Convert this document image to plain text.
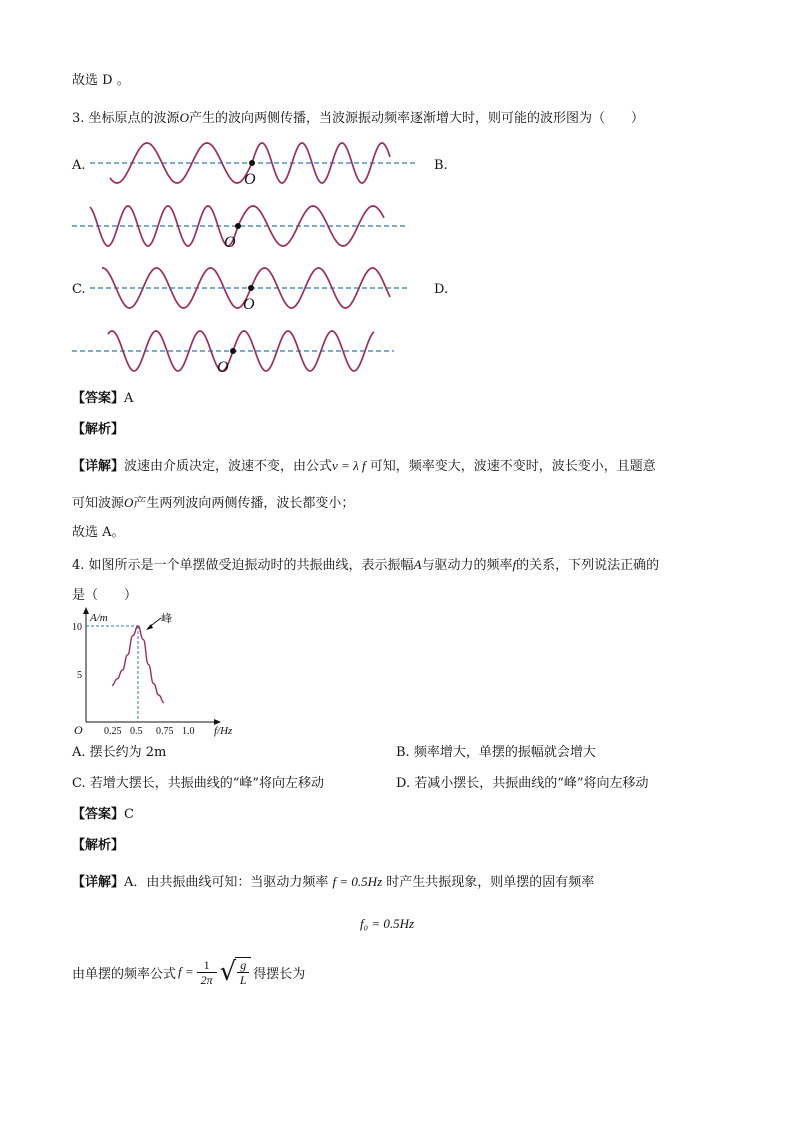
故选 D 。
3. 坐标原点的波源O产生的波向两侧传播，当波源振动频率逐渐增大时，则可能的波形图为（　　）
A.	B.
C.	D.
O
O
O
O
【答案】A
【解析】
【详解】波速由介质决定，波速不变，由公式v = λ f 可知，频率变大，波速不变时，波长变小，且题意
可知波源O产生两列波向两侧传播，波长都变小；
故选 A。
4. 如图所示是一个单摆做受迫振动时的共振曲线，表示振幅A与驱动力的频率f的关系，下列说法正确的
是（　　）
A/m
f/Hz
O
峰
0.25 0.5 0.75 1.0
5
10
A. 摆长约为 2m	B. 频率增大，单摆的振幅就会增大
C. 若增大摆长，共振曲线的“峰”将向左移动	D. 若减小摆长，共振曲线的“峰”将向左移动
【答案】C
【解析】
【详解】A．由共振曲线可知：当驱动力频率 f = 0.5Hz 时产生共振现象，则单摆的固有频率
f₀ = 0.5Hz
由单摆的频率公式 f = 1
2π √ g
L 得摆长为
